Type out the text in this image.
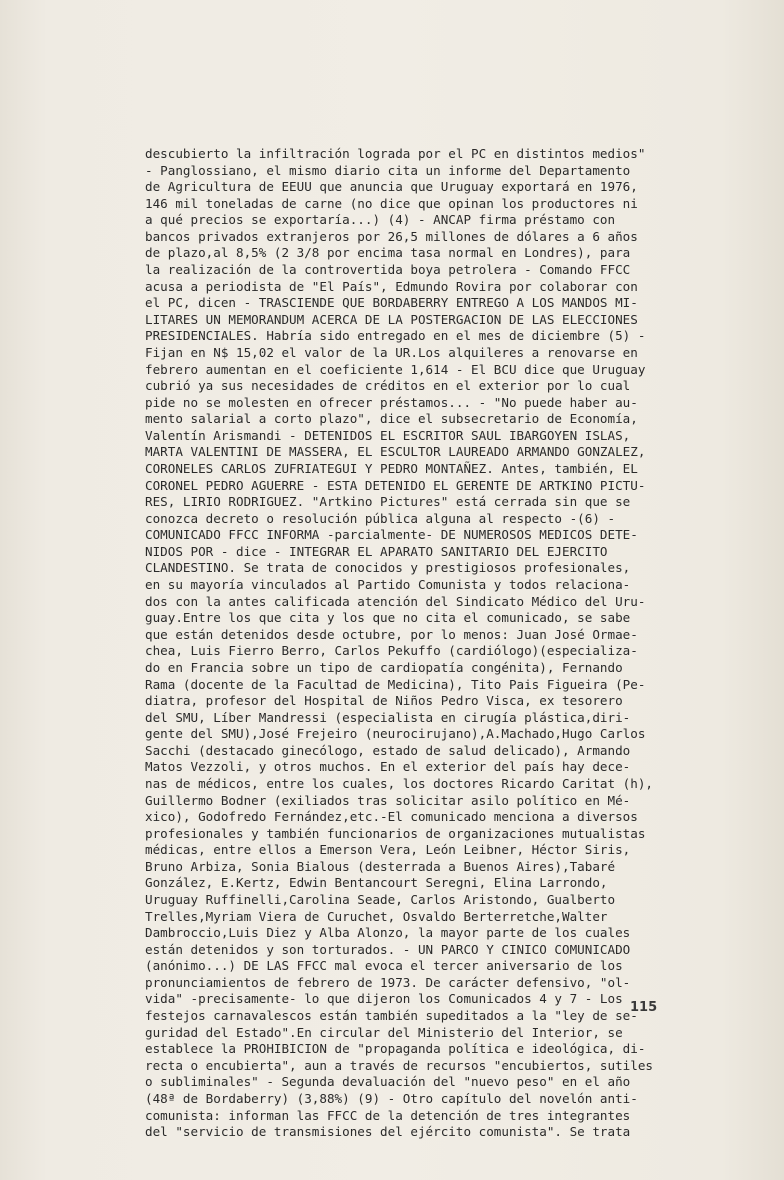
descubierto la infiltración lograda por el PC en distintos medios"
- Panglossiano, el mismo diario cita un informe del Departamento
de Agricultura de EEUU que anuncia que Uruguay exportará en 1976,
146 mil toneladas de carne (no dice que opinan los productores ni
a qué precios se exportaría...) (4) - ANCAP firma préstamo con
bancos privados extranjeros por 26,5 millones de dólares a 6 años
de plazo,al 8,5% (2 3/8 por encima tasa normal en Londres), para
la realización de la controvertida boya petrolera - Comando FFCC
acusa a periodista de "El País", Edmundo Rovira por colaborar con
el PC, dicen - TRASCIENDE QUE BORDABERRY ENTREGO A LOS MANDOS MI-
LITARES UN MEMORANDUM ACERCA DE LA POSTERGACION DE LAS ELECCIONES
PRESIDENCIALES. Habría sido entregado en el mes de diciembre (5) -
Fijan en N$ 15,02 el valor de la UR.Los alquileres a renovarse en
febrero aumentan en el coeficiente 1,614 - El BCU dice que Uruguay
cubrió ya sus necesidades de créditos en el exterior por lo cual
pide no se molesten en ofrecer préstamos... - "No puede haber au-
mento salarial a corto plazo", dice el subsecretario de Economía,
Valentín Arismandi - DETENIDOS EL ESCRITOR SAUL IBARGOYEN ISLAS,
MARTA VALENTINI DE MASSERA, EL ESCULTOR LAUREADO ARMANDO GONZALEZ,
CORONELES CARLOS ZUFRIATEGUI Y PEDRO MONTAÑEZ. Antes, también, EL
CORONEL PEDRO AGUERRE - ESTA DETENIDO EL GERENTE DE ARTKINO PICTU-
RES, LIRIO RODRIGUEZ. "Artkino Pictures" está cerrada sin que se
conozca decreto o resolución pública alguna al respecto -(6) -
COMUNICADO FFCC INFORMA -parcialmente- DE NUMEROSOS MEDICOS DETE-
NIDOS POR - dice - INTEGRAR EL APARATO SANITARIO DEL EJERCITO
CLANDESTINO. Se trata de conocidos y prestigiosos profesionales,
en su mayoría vinculados al Partido Comunista y todos relaciona-
dos con la antes calificada atención del Sindicato Médico del Uru-
guay.Entre los que cita y los que no cita el comunicado, se sabe
que están detenidos desde octubre, por lo menos: Juan José Ormae-
chea, Luis Fierro Berro, Carlos Pekuffo (cardiólogo)(especializa-
do en Francia sobre un tipo de cardiopatía congénita), Fernando
Rama (docente de la Facultad de Medicina), Tito Pais Figueira (Pe-
diatra, profesor del Hospital de Niños Pedro Visca, ex tesorero
del SMU, Líber Mandressi (especialista en cirugía plástica,diri-
gente del SMU),José Frejeiro (neurocirujano),A.Machado,Hugo Carlos
Sacchi (destacado ginecólogo, estado de salud delicado), Armando
Matos Vezzoli, y otros muchos. En el exterior del país hay dece-
nas de médicos, entre los cuales, los doctores Ricardo Caritat (h),
Guillermo Bodner (exiliados tras solicitar asilo político en Mé-
xico), Godofredo Fernández,etc.-El comunicado menciona a diversos
profesionales y también funcionarios de organizaciones mutualistas
médicas, entre ellos a Emerson Vera, León Leibner, Héctor Siris,
Bruno Arbiza, Sonia Bialous (desterrada a Buenos Aires),Tabaré
González, E.Kertz, Edwin Bentancourt Seregni, Elina Larrondo,
Uruguay Ruffinelli,Carolina Seade, Carlos Aristondo, Gualberto
Trelles,Myriam Viera de Curuchet, Osvaldo Berterretche,Walter
Dambroccio,Luis Diez y Alba Alonzo, la mayor parte de los cuales
están detenidos y son torturados. - UN PARCO Y CINICO COMUNICADO
(anónimo...) DE LAS FFCC mal evoca el tercer aniversario de los
pronunciamientos de febrero de 1973. De carácter defensivo, "ol-
vida" -precisamente- lo que dijeron los Comunicados 4 y 7 - Los
festejos carnavalescos están también supeditados a la "ley de se-
guridad del Estado".En circular del Ministerio del Interior, se
establece la PROHIBICION de "propaganda política e ideológica, di-
recta o encubierta", aun a través de recursos "encubiertos, sutiles
o subliminales" - Segunda devaluación del "nuevo peso" en el año
(48ª de Bordaberry) (3,88%) (9) - Otro capítulo del novelón anti-
comunista: informan las FFCC de la detención de tres integrantes
del "servicio de transmisiones del ejército comunista". Se trata
115
